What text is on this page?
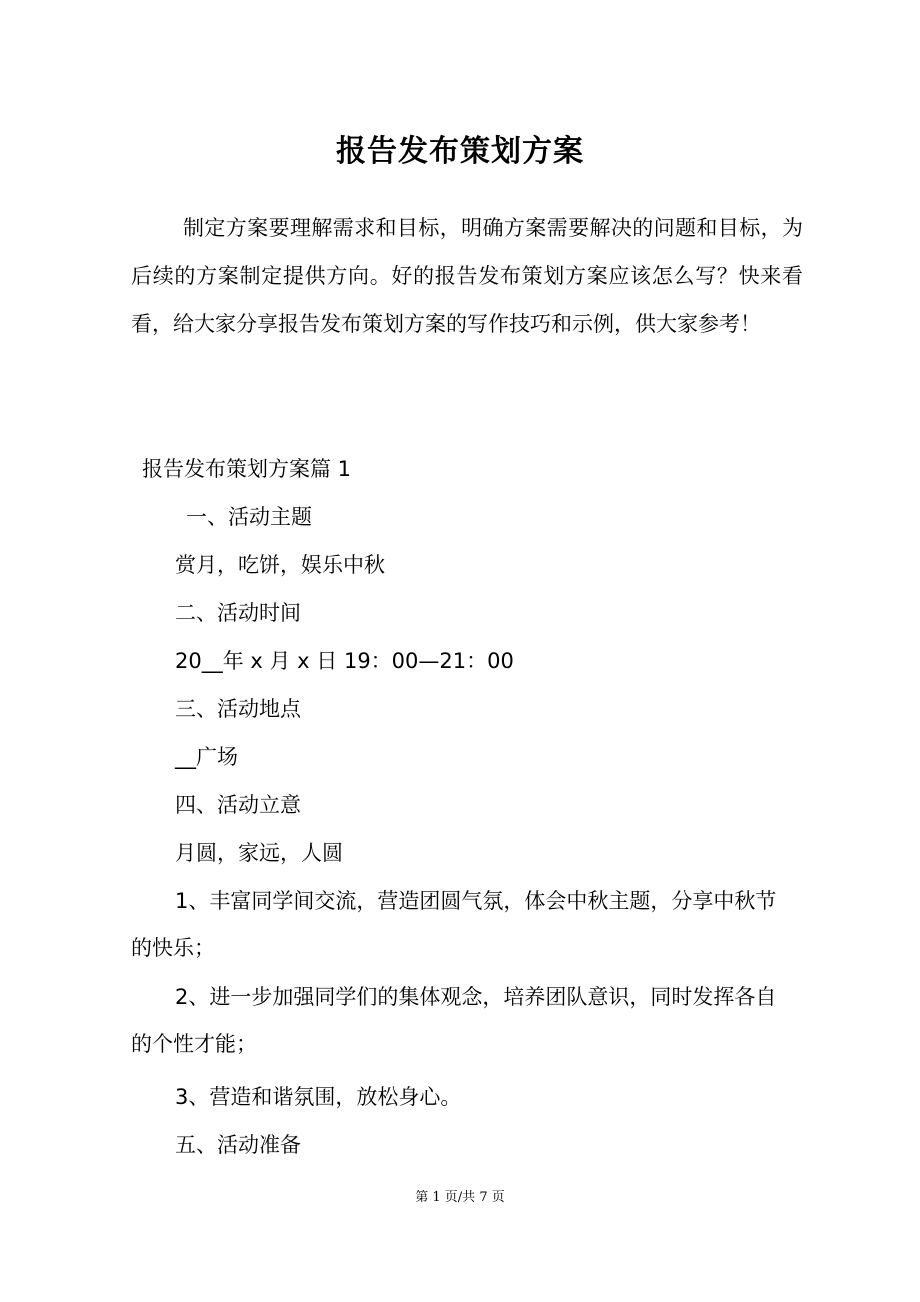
报告发布策划方案

制定方案要理解需求和目标，明确方案需要解决的问题和目标，为后续的方案制定提供方向。好的报告发布策划方案应该怎么写？快来看看，给大家分享报告发布策划方案的写作技巧和示例，供大家参考！

报告发布策划方案篇 1
一、活动主题
赏月，吃饼，娱乐中秋
二、活动时间
20__年 x 月 x 日 19：00—21：00
三、活动地点
__广场
四、活动立意
月圆，家远，人圆

1、丰富同学间交流，营造团圆气氛，体会中秋主题，分享中秋节的快乐；

2、进一步加强同学们的集体观念，培养团队意识，同时发挥各自的个性才能；

3、营造和谐氛围，放松身心。
五、活动准备
第 1 页/共 7 页
